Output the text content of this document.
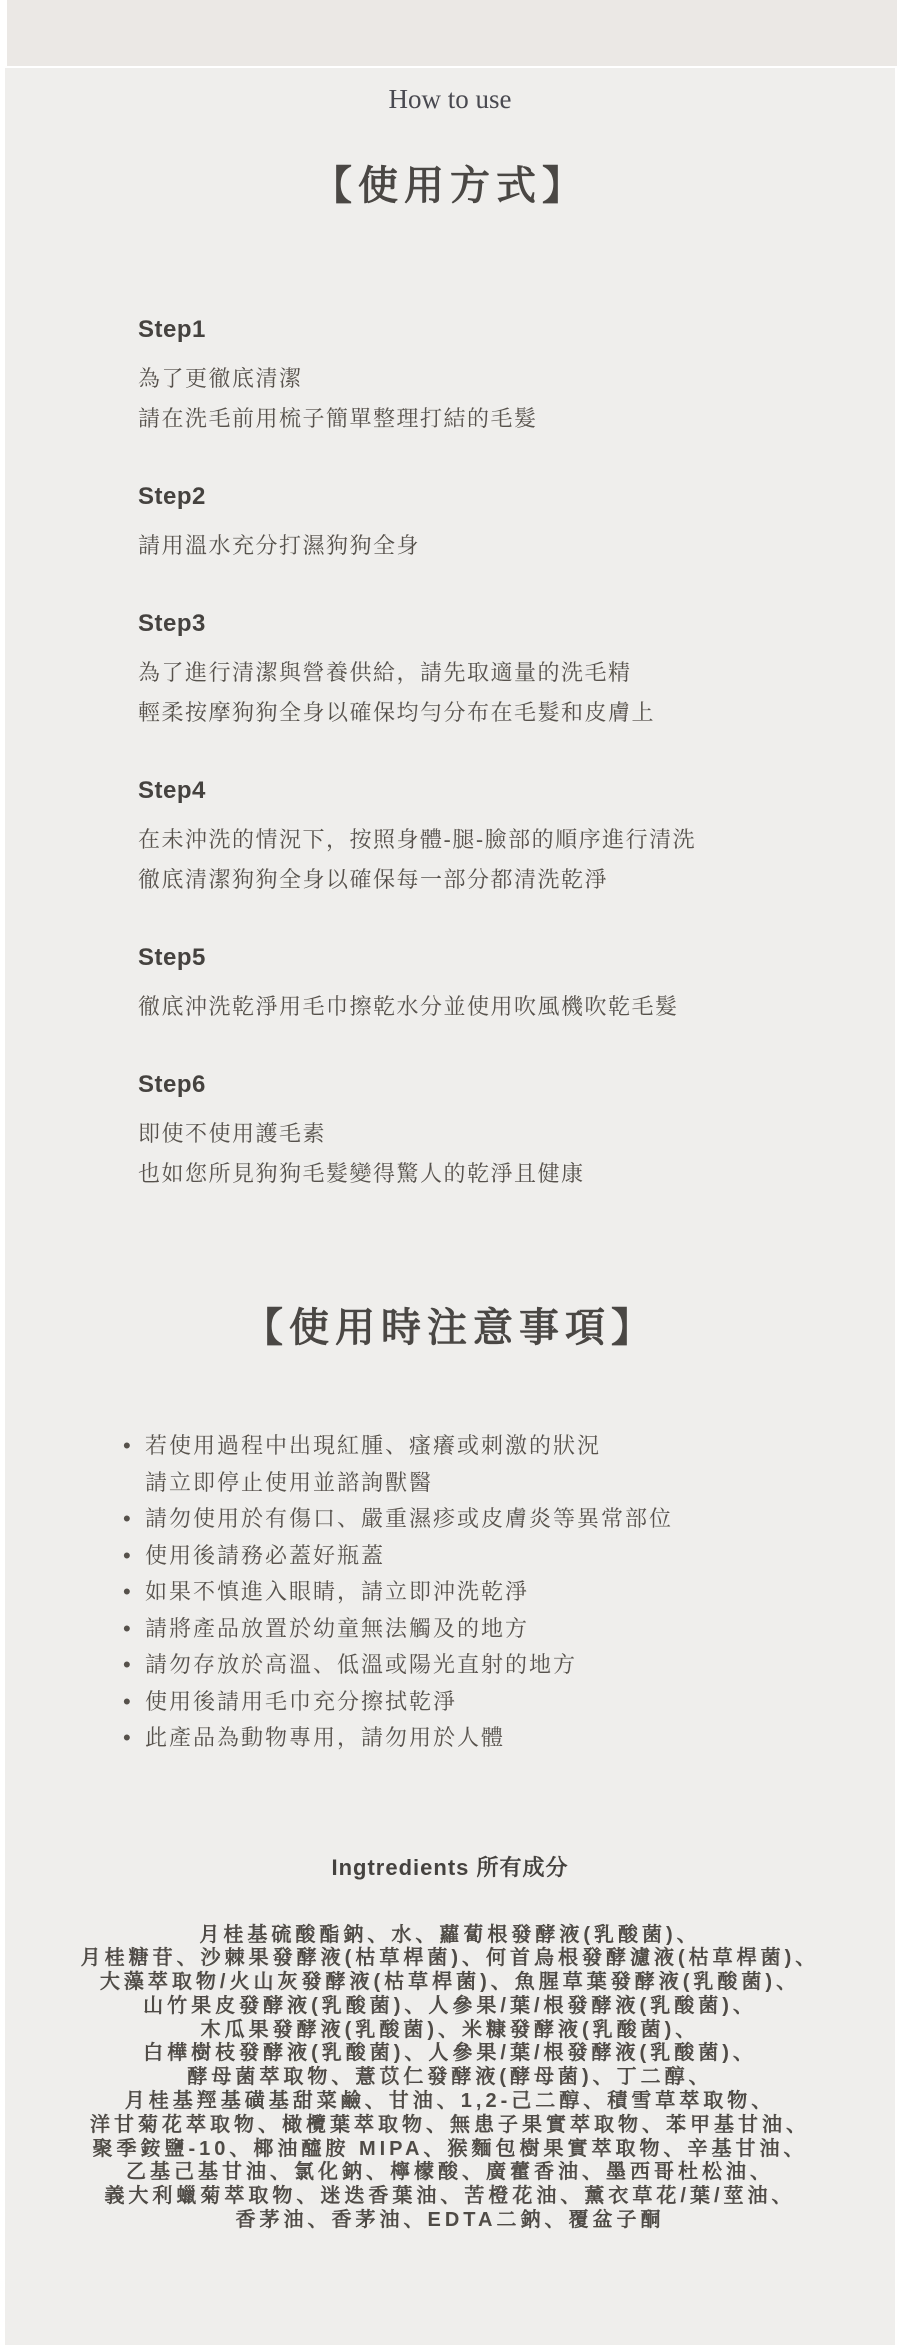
How to use

【使用方式】
Step1

為了更徹底清潔

請在洗毛前用梳子簡單整理打結的毛髮

Step2

請用溫水充分打濕狗狗全身

Step3

為了進行清潔與營養供給，請先取適量的洗毛精

輕柔按摩狗狗全身以確保均勻分布在毛髮和皮膚上

Step4

在未沖洗的情況下，按照身體-腿-臉部的順序進行清洗

徹底清潔狗狗全身以確保每一部分都清洗乾淨

Step5

徹底沖洗乾淨用毛巾擦乾水分並使用吹風機吹乾毛髮

Step6

即使不使用護毛素

也如您所見狗狗毛髮變得驚人的乾淨且健康

【使用時注意事項】
• 若使用過程中出現紅腫、瘙癢或刺激的狀況
請立即停止使用並諮詢獸醫
• 請勿使用於有傷口、嚴重濕疹或皮膚炎等異常部位
• 使用後請務必蓋好瓶蓋
• 如果不慎進入眼睛，請立即沖洗乾淨
• 請將產品放置於幼童無法觸及的地方
• 請勿存放於高溫、低溫或陽光直射的地方
• 使用後請用毛巾充分擦拭乾淨
• 此產品為動物專用，請勿用於人體
Ingtredients 所有成分

月桂基硫酸酯鈉、水、蘿蔔根發酵液(乳酸菌)、

月桂糖苷、沙棘果發酵液(枯草桿菌)、何首烏根發酵濾液(枯草桿菌)、

大藻萃取物/火山灰發酵液(枯草桿菌)、魚腥草葉發酵液(乳酸菌)、

山竹果皮發酵液(乳酸菌)、人參果/葉/根發酵液(乳酸菌)、

木瓜果發酵液(乳酸菌)、米糠發酵液(乳酸菌)、

白樺樹枝發酵液(乳酸菌)、人參果/葉/根發酵液(乳酸菌)、

酵母菌萃取物、薏苡仁發酵液(酵母菌)、丁二醇、

月桂基羥基磺基甜菜鹼、甘油、1,2-己二醇、積雪草萃取物、

洋甘菊花萃取物、橄欖葉萃取物、無患子果實萃取物、苯甲基甘油、

聚季銨鹽-10、椰油醯胺 MIPA、猴麵包樹果實萃取物、辛基甘油、

乙基己基甘油、氯化鈉、檸檬酸、廣藿香油、墨西哥杜松油、

義大利蠟菊萃取物、迷迭香葉油、苦橙花油、薰衣草花/葉/莖油、

香茅油、香茅油、EDTA二鈉、覆盆子酮
